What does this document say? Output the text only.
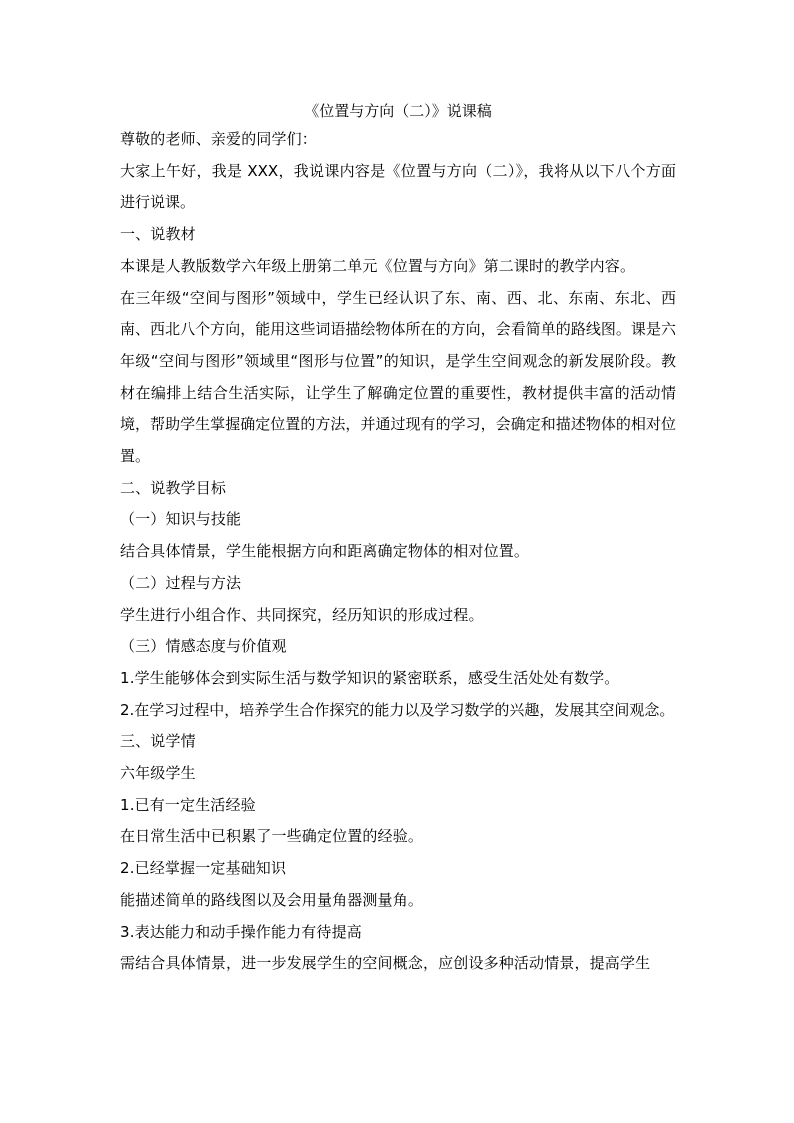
《位置与方向（二）》说课稿

尊敬的老师、亲爱的同学们：

大家上午好，我是 XXX，我说课内容是《位置与方向（二）》，我将从以下八个方面进行说课。

一、说教材

本课是人教版数学六年级上册第二单元《位置与方向》第二课时的教学内容。

在三年级“空间与图形”领域中，学生已经认识了东、南、西、北、东南、东北、西南、西北八个方向，能用这些词语描绘物体所在的方向，会看简单的路线图。课是六年级“空间与图形”领域里“图形与位置”的知识，是学生空间观念的新发展阶段。教材在编排上结合生活实际，让学生了解确定位置的重要性，教材提供丰富的活动情境，帮助学生掌握确定位置的方法，并通过现有的学习，会确定和描述物体的相对位置。

二、说教学目标

（一）知识与技能

结合具体情景，学生能根据方向和距离确定物体的相对位置。

（二）过程与方法

学生进行小组合作、共同探究，经历知识的形成过程。

（三）情感态度与价值观

1.学生能够体会到实际生活与数学知识的紧密联系，感受生活处处有数学。

2.在学习过程中，培养学生合作探究的能力以及学习数学的兴趣，发展其空间观念。

三、说学情

六年级学生

1.已有一定生活经验

在日常生活中已积累了一些确定位置的经验。

2.已经掌握一定基础知识

能描述简单的路线图以及会用量角器测量角。

3.表达能力和动手操作能力有待提高

需结合具体情景，进一步发展学生的空间概念，应创设多种活动情景，提高学生
